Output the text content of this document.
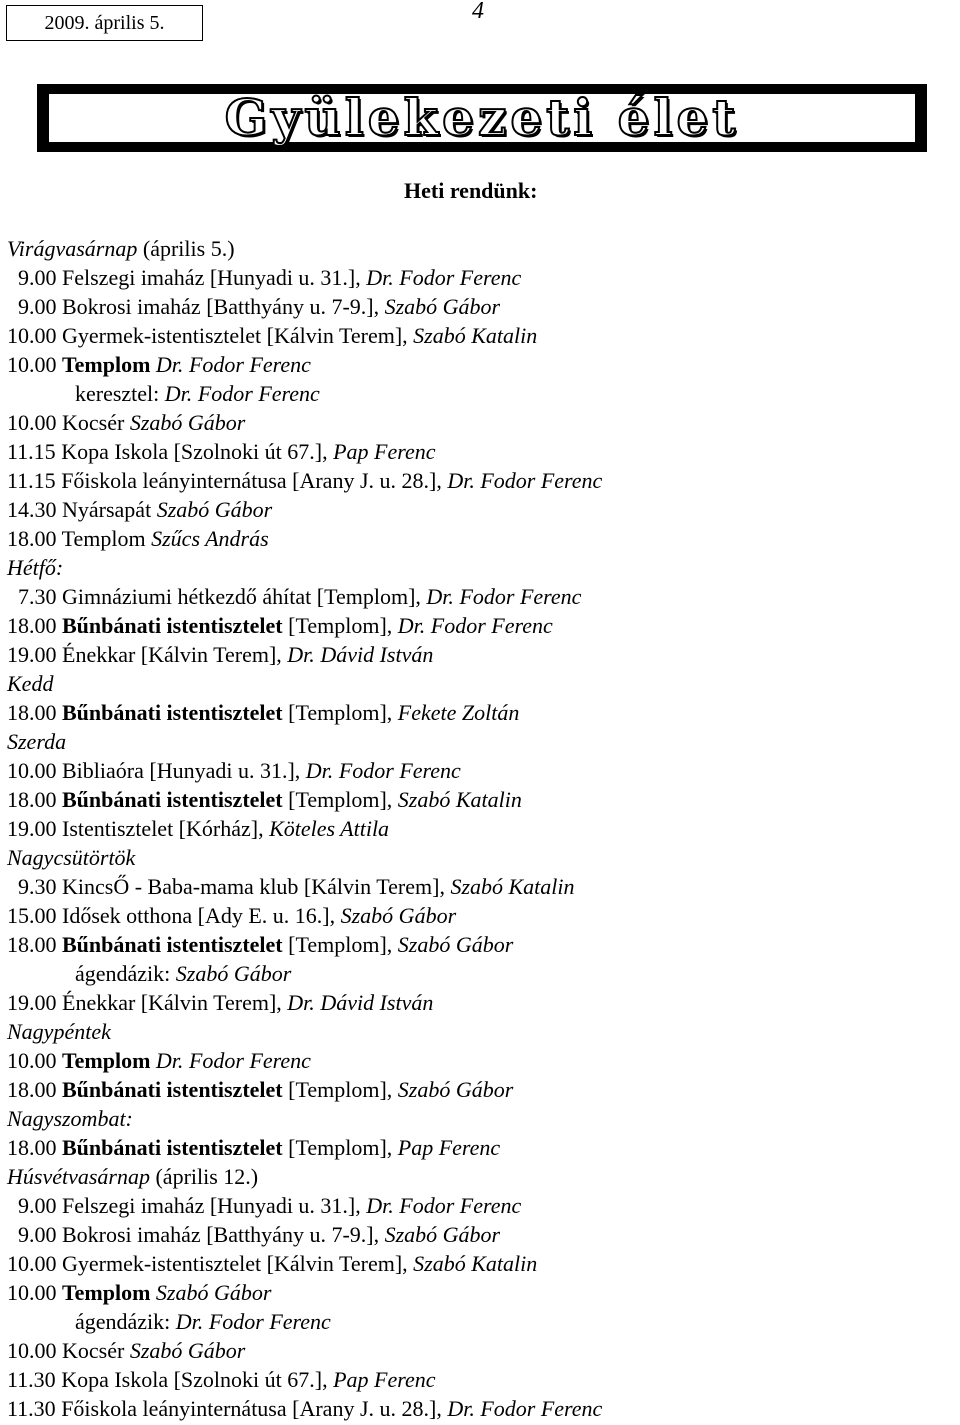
2009. április 5.	4
Gyülekezeti élet
Heti rendünk:
Virágvasárnap (április 5.)
9.00 Felszegi imaház [Hunyadi u. 31.], Dr. Fodor Ferenc
9.00 Bokrosi imaház [Batthyány u. 7-9.], Szabó Gábor
10.00 Gyermek-istentisztelet [Kálvin Terem], Szabó Katalin
10.00 Templom Dr. Fodor Ferenc
keresztel: Dr. Fodor Ferenc
10.00 Kocsér Szabó Gábor
11.15 Kopa Iskola [Szolnoki út 67.], Pap Ferenc
11.15 Főiskola leányinternátusa [Arany J. u. 28.], Dr. Fodor Ferenc
14.30 Nyársapát Szabó Gábor
18.00 Templom Szűcs András
Hétfő:
7.30 Gimnáziumi hétkezdő áhítat [Templom], Dr. Fodor Ferenc
18.00 Bűnbánati istentisztelet [Templom], Dr. Fodor Ferenc
19.00 Énekkar [Kálvin Terem], Dr. Dávid István
Kedd
18.00 Bűnbánati istentisztelet [Templom], Fekete Zoltán
Szerda
10.00 Bibliaóra [Hunyadi u. 31.], Dr. Fodor Ferenc
18.00 Bűnbánati istentisztelet [Templom], Szabó Katalin
19.00 Istentisztelet [Kórház], Köteles Attila
Nagycsütörtök
9.30 KincsŐ - Baba-mama klub [Kálvin Terem], Szabó Katalin
15.00 Idősek otthona [Ady E. u. 16.], Szabó Gábor
18.00 Bűnbánati istentisztelet [Templom], Szabó Gábor
ágendázik: Szabó Gábor
19.00 Énekkar [Kálvin Terem], Dr. Dávid István
Nagypéntek
10.00 Templom Dr. Fodor Ferenc
18.00 Bűnbánati istentisztelet [Templom], Szabó Gábor
Nagyszombat:
18.00 Bűnbánati istentisztelet [Templom], Pap Ferenc
Húsvétvasárnap (április 12.)
9.00 Felszegi imaház [Hunyadi u. 31.], Dr. Fodor Ferenc
9.00 Bokrosi imaház [Batthyány u. 7-9.], Szabó Gábor
10.00 Gyermek-istentisztelet [Kálvin Terem], Szabó Katalin
10.00 Templom Szabó Gábor
ágendázik: Dr. Fodor Ferenc
10.00 Kocsér Szabó Gábor
11.30 Kopa Iskola [Szolnoki út 67.], Pap Ferenc
11.30 Főiskola leányinternátusa [Arany J. u. 28.], Dr. Fodor Ferenc
